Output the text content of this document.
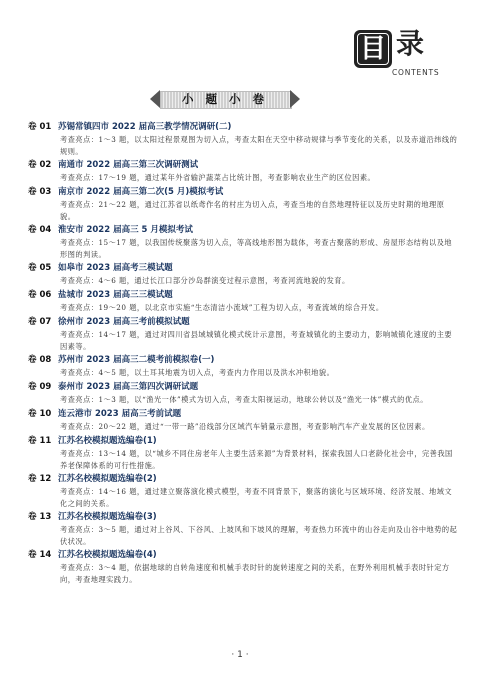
目 录
CONTENTS
小 题 小 卷
卷 01 苏锡常镇四市 2022 届高三教学情况调研(二)
考查亮点：1～3 题，以太阳过程景观图为切入点，考查太阳在天空中移动规律与季节变化的关系，以及赤道沿纬线的规则。
卷 02 南通市 2022 届高三第三次调研测试
考查亮点：17～19 题，通过某年外省输沪蔬菜占比统计图，考查影响农业生产的区位因素。
卷 03 南京市 2022 届高三第二次(5 月)模拟考试
考查亮点：21～22 题，通过江苏省以纸鸢作名的村庄为切入点，考查当地的自然地理特征以及历史时期的地理原貌。
卷 04 淮安市 2022 届高三 5 月模拟考试
考查亮点：15～17 题，以我国传统聚落为切入点，等高线地形图为载体，考查古聚落的形成、房屋形态结构以及地形图的判读。
卷 05 如皋市 2023 届高考三模试题
考查亮点：4～6 题，通过长江口部分沙岛群演变过程示意图，考查河流地貌的发育。
卷 06 盐城市 2023 届高三三模试题
考查亮点：19～20 题，以北京市实施“生态清洁小流域”工程为切入点，考查流域的综合开发。
卷 07 徐州市 2023 届高三考前模拟试题
考查亮点：14～17 题，通过对四川省县域城镇化模式统计示意图，考查城镇化的主要动力，影响城镇化速度的主要因素等。
卷 08 苏州市 2023 届高三二模考前模拟卷(一)
考查亮点：4～5 题，以土耳其地震为切入点，考查内力作用以及洪水冲积地貌。
卷 09 泰州市 2023 届高三第四次调研试题
考查亮点：1～3 题，以“渔光一体”模式为切入点，考查太阳视运动，地球公转以及“渔光一体”模式的优点。
卷 10 连云港市 2023 届高三考前试题
考查亮点：20～22 题，通过“一带一路”沿线部分区域汽车销量示意图，考查影响汽车产业发展的区位因素。
卷 11 江苏名校模拟题选编卷(1)
考查亮点：13～14 题，以“城乡不同住房老年人主要生活来源”为背景材料，探索我国人口老龄化社会中，完善我国养老保障体系的可行性措施。
卷 12 江苏名校模拟题选编卷(2)
考查亮点：14～16 题，通过建立聚落演化模式模型，考查不同背景下，聚落的演化与区域环境、经济发展、地域文化之间的关系。
卷 13 江苏名校模拟题选编卷(3)
考查亮点：3～5 题，通过对上谷风、下谷风、上坡风和下坡风的理解，考查热力环流中的山谷走向及山谷中地势的起伏状况。
卷 14 江苏名校模拟题选编卷(4)
考查亮点：3～4 题，依据地球的自转角速度和机械手表时针的旋转速度之间的关系，在野外利用机械手表时针定方向，考查地理实践力。
· 1 ·
